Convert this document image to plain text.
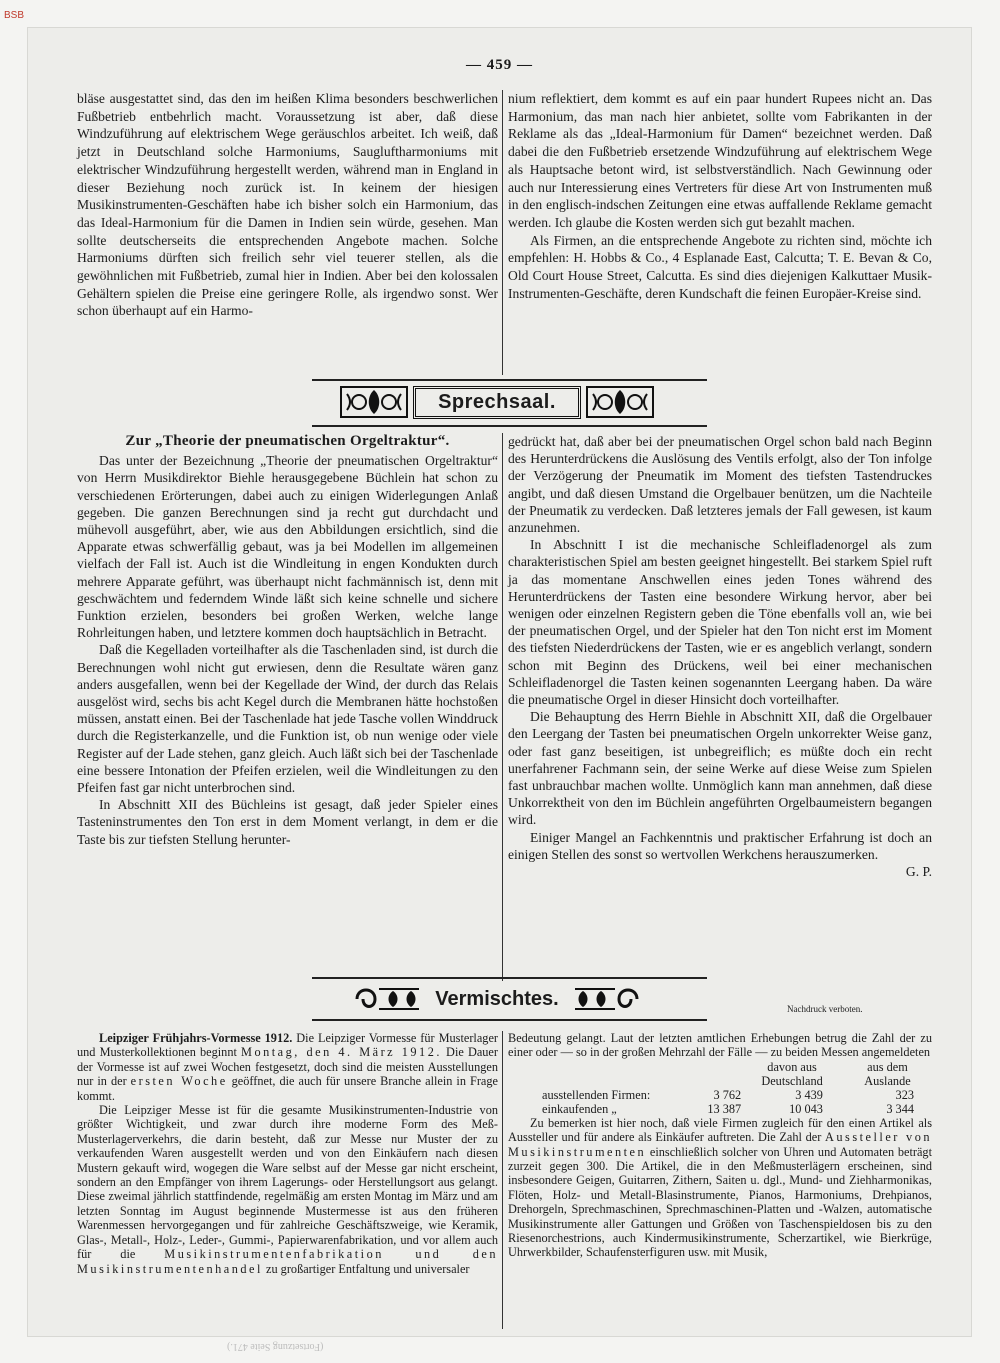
BSB
— 459 —

bläse ausgestattet sind, das den im heißen Klima besonders beschwerlichen Fußbetrieb entbehrlich macht. Voraussetzung ist aber, daß diese Windzuführung auf elektrischem Wege geräuschlos arbeitet. Ich weiß, daß jetzt in Deutschland solche Harmoniums, Saugluftharmoniums mit elektrischer Windzuführung hergestellt werden, während man in England in dieser Beziehung noch zurück ist. In keinem der hiesigen Musikinstrumenten-Geschäften habe ich bisher solch ein Harmonium, das das Ideal-Harmonium für die Damen in Indien sein würde, gesehen. Man sollte deutscherseits die entsprechenden Angebote machen. Solche Harmoniums dürften sich freilich sehr viel teuerer stellen, als die gewöhnlichen mit Fußbetrieb, zumal hier in Indien. Aber bei den kolossalen Gehältern spielen die Preise eine geringere Rolle, als irgendwo sonst. Wer schon überhaupt auf ein Harmo-

nium reflektiert, dem kommt es auf ein paar hundert Rupees nicht an. Das Harmonium, das man nach hier anbietet, sollte vom Fabrikanten in der Reklame als das „Ideal-Harmonium für Damen“ bezeichnet werden. Daß dabei die den Fußbetrieb ersetzende Windzuführung auf elektrischem Wege als Hauptsache betont wird, ist selbstverständlich. Nach Gewinnung oder auch nur Interessierung eines Vertreters für diese Art von Instrumenten muß in den englisch-indschen Zeitungen eine etwas auffallende Reklame gemacht werden. Ich glaube die Kosten werden sich gut bezahlt machen.

Als Firmen, an die entsprechende Angebote zu richten sind, möchte ich empfehlen: H. Hobbs & Co., 4 Esplanade East, Calcutta; T. E. Bevan & Co, Old Court House Street, Calcutta. Es sind dies diejenigen Kalkuttaer Musik-Instrumenten-Geschäfte, deren Kundschaft die feinen Europäer-Kreise sind.

Sprechsaal.
Zur „Theorie der pneumatischen Orgeltraktur“.

Das unter der Bezeichnung „Theorie der pneumatischen Orgeltraktur“ von Herrn Musikdirektor Biehle herausgegebene Büchlein hat schon zu verschiedenen Erörterungen, dabei auch zu einigen Widerlegungen Anlaß gegeben. Die ganzen Berechnungen sind ja recht gut durchdacht und mühevoll ausgeführt, aber, wie aus den Abbildungen ersichtlich, sind die Apparate etwas schwerfällig gebaut, was ja bei Modellen im allgemeinen vielfach der Fall ist. Auch ist die Windleitung in engen Kondukten durch mehrere Apparate geführt, was überhaupt nicht fachmännisch ist, denn mit geschwächtem und federndem Winde läßt sich keine schnelle und sichere Funktion erzielen, besonders bei großen Werken, welche lange Rohrleitungen haben, und letztere kommen doch hauptsächlich in Betracht.

Daß die Kegelladen vorteilhafter als die Taschenladen sind, ist durch die Berechnungen wohl nicht gut erwiesen, denn die Resultate wären ganz anders ausgefallen, wenn bei der Kegellade der Wind, der durch das Relais ausgelöst wird, sechs bis acht Kegel durch die Membranen hätte hochstoßen müssen, anstatt einen. Bei der Taschenlade hat jede Tasche vollen Winddruck durch die Registerkanzelle, und die Funktion ist, ob nun wenige oder viele Register auf der Lade stehen, ganz gleich. Auch läßt sich bei der Taschenlade eine bessere Intonation der Pfeifen erzielen, weil die Windleitungen zu den Pfeifen fast gar nicht unterbrochen sind.

In Abschnitt XII des Büchleins ist gesagt, daß jeder Spieler eines Tasteninstrumentes den Ton erst in dem Moment verlangt, in dem er die Taste bis zur tiefsten Stellung herunter-

gedrückt hat, daß aber bei der pneumatischen Orgel schon bald nach Beginn des Herunterdrückens die Auslösung des Ventils erfolgt, also der Ton infolge der Verzögerung der Pneumatik im Moment des tiefsten Tastendruckes angibt, und daß diesen Umstand die Orgelbauer benützen, um die Nachteile der Pneumatik zu verdecken. Daß letzteres jemals der Fall gewesen, ist kaum anzunehmen.

In Abschnitt I ist die mechanische Schleifladenorgel als zum charakteristischen Spiel am besten geeignet hingestellt. Bei starkem Spiel ruft ja das momentane Anschwellen eines jeden Tones während des Herunterdrückens der Tasten eine besondere Wirkung hervor, aber bei wenigen oder einzelnen Registern geben die Töne ebenfalls voll an, wie bei der pneumatischen Orgel, und der Spieler hat den Ton nicht erst im Moment des tiefsten Niederdrückens der Tasten, wie er es angeblich verlangt, sondern schon mit Beginn des Drückens, weil bei einer mechanischen Schleifladenorgel die Tasten keinen sogenannten Leergang haben. Da wäre die pneumatische Orgel in dieser Hinsicht doch vorteilhafter.

Die Behauptung des Herrn Biehle in Abschnitt XII, daß die Orgelbauer den Leergang der Tasten bei pneumatischen Orgeln unkorrekter Weise ganz, oder fast ganz beseitigen, ist unbegreiflich; es müßte doch ein recht unerfahrener Fachmann sein, der seine Werke auf diese Weise zum Spielen fast unbrauchbar machen wollte. Unmöglich kann man annehmen, daß diese Unkorrektheit von den im Büchlein angeführten Orgelbaumeistern begangen wird.

Einiger Mangel an Fachkenntnis und praktischer Erfahrung ist doch an einigen Stellen des sonst so wertvollen Werkchens herauszumerken.

G. P.
Vermischtes.	Nachdruck verboten.

Leipziger Frühjahrs-Vormesse 1912. Die Leipziger Vormesse für Musterlager und Musterkollektionen beginnt Montag, den 4. März 1912. Die Dauer der Vormesse ist auf zwei Wochen festgesetzt, doch sind die meisten Ausstellungen nur in der ersten Woche geöffnet, die auch für unsere Branche allein in Frage kommt.

Die Leipziger Messe ist für die gesamte Musikinstrumenten-Industrie von größter Wichtigkeit, und zwar durch ihre moderne Form des Meß-Musterlagerverkehrs, die darin besteht, daß zur Messe nur Muster der zu verkaufenden Waren ausgestellt werden und von den Einkäufern nach diesen Mustern gekauft wird, wogegen die Ware selbst auf der Messe gar nicht erscheint, sondern an den Empfänger von ihrem Lagerungs- oder Herstellungsort aus gelangt. Diese zweimal jährlich stattfindende, regelmäßig am ersten Montag im März und am letzten Sonntag im August beginnende Mustermesse ist aus den früheren Warenmessen hervorgegangen und für zahlreiche Geschäftszweige, wie Keramik, Glas-, Metall-, Holz-, Leder-, Gummi-, Papierwarenfabrikation, und vor allem auch für die Musikinstrumentenfabrikation und den Musikinstrumentenhandel zu großartiger Entfaltung und universaler

Bedeutung gelangt. Laut der letzten amtlichen Erhebungen betrug die Zahl der zu einer oder — so in der großen Mehrzahl der Fälle — zu beiden Messen angemeldeten

		davon aus Deutschland	aus dem Auslande
ausstellenden Firmen:	3 762	3 439	323
einkaufenden „	13 387	10 043	3 344

Zu bemerken ist hier noch, daß viele Firmen zugleich für den einen Artikel als Aussteller und für andere als Einkäufer auftreten. Die Zahl der Aussteller von Musikinstrumenten einschließlich solcher von Uhren und Automaten beträgt zurzeit gegen 300. Die Artikel, die in den Meßmusterlägern erscheinen, sind insbesondere Geigen, Guitarren, Zithern, Saiten u. dgl., Mund- und Ziehharmonikas, Flöten, Holz- und Metall-Blasinstrumente, Pianos, Harmoniums, Drehpianos, Drehorgeln, Sprechmaschinen, Sprechmaschinen-Platten und -Walzen, automatische Musikinstrumente aller Gattungen und Größen von Taschenspieldosen bis zu den Riesenorchestrions, auch Kindermusikinstrumente, Scherzartikel, wie Bierkrüge, Uhrwerkbilder, Schaufensterfiguren usw. mit Musik,

(Fortsetzung Seite 471.)
